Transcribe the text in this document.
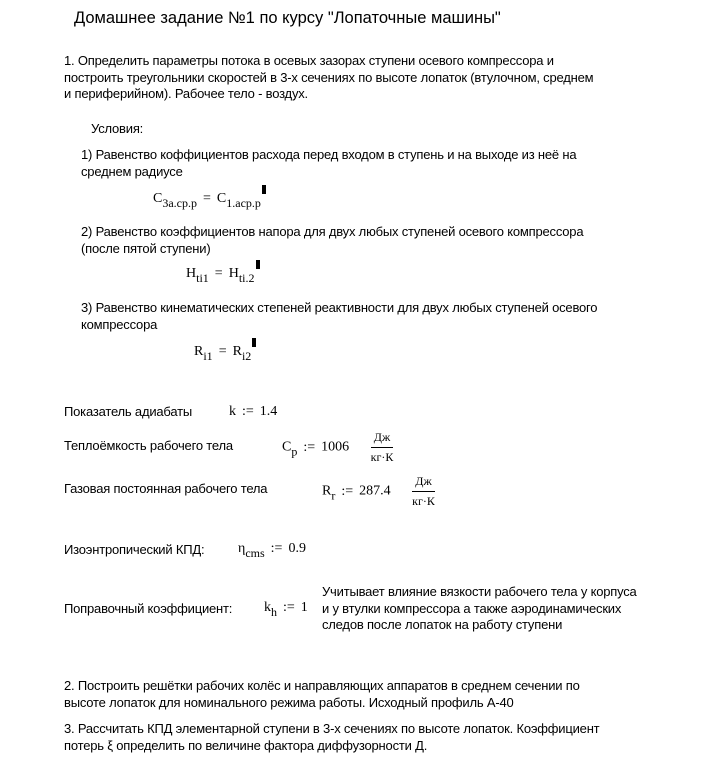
Домашнее задание №1 по курсу "Лопаточные машины"
1. Определить параметры потока в осевых зазорах ступени осевого компрессора и
построить треугольники скоростей в 3-х сечениях по высоте лопаток (втулочном, среднем
и периферийном). Рабочее тело - воздух.
Условия:
1) Равенство коффициентов расхода перед входом в ступень и на выходе из неё на
среднем радиусе
C3a.cp.p = C1.acp.p
2) Равенство коэффициентов напора для двух любых ступеней осевого компрессора
(после пятой ступени)
Hti1 = Hti.2
3) Равенство кинематических степеней реактивности для двух любых ступеней осевого
компрессора
Ri1 = Ri2
Показатель адиабаты	k := 1.4
Теплоёмкость рабочего тела	Cp := $1006 \frac{Дж}{кг\cdot К}$
Газовая постоянная рабочего тела	Rr := $287.4 \frac{Дж}{кг\cdot К}$
Изоэнтропический КПД: ηcms := 0.9
Поправочный коэффициент: kh := 1
Учитывает влияние вязкости рабочего тела у корпуса
и у втулки компрессора а также аэродинамических
следов после лопаток на работу ступени
2. Построить решётки рабочих колёс и направляющих аппаратов в среднем сечении по
высоте лопаток для номинального режима работы. Исходный профиль А-40
3. Рассчитать КПД элементарной ступени в 3-х сечениях по высоте лопаток. Коэффициент
потерь ξ определить по величине фактора диффузорности Д.
